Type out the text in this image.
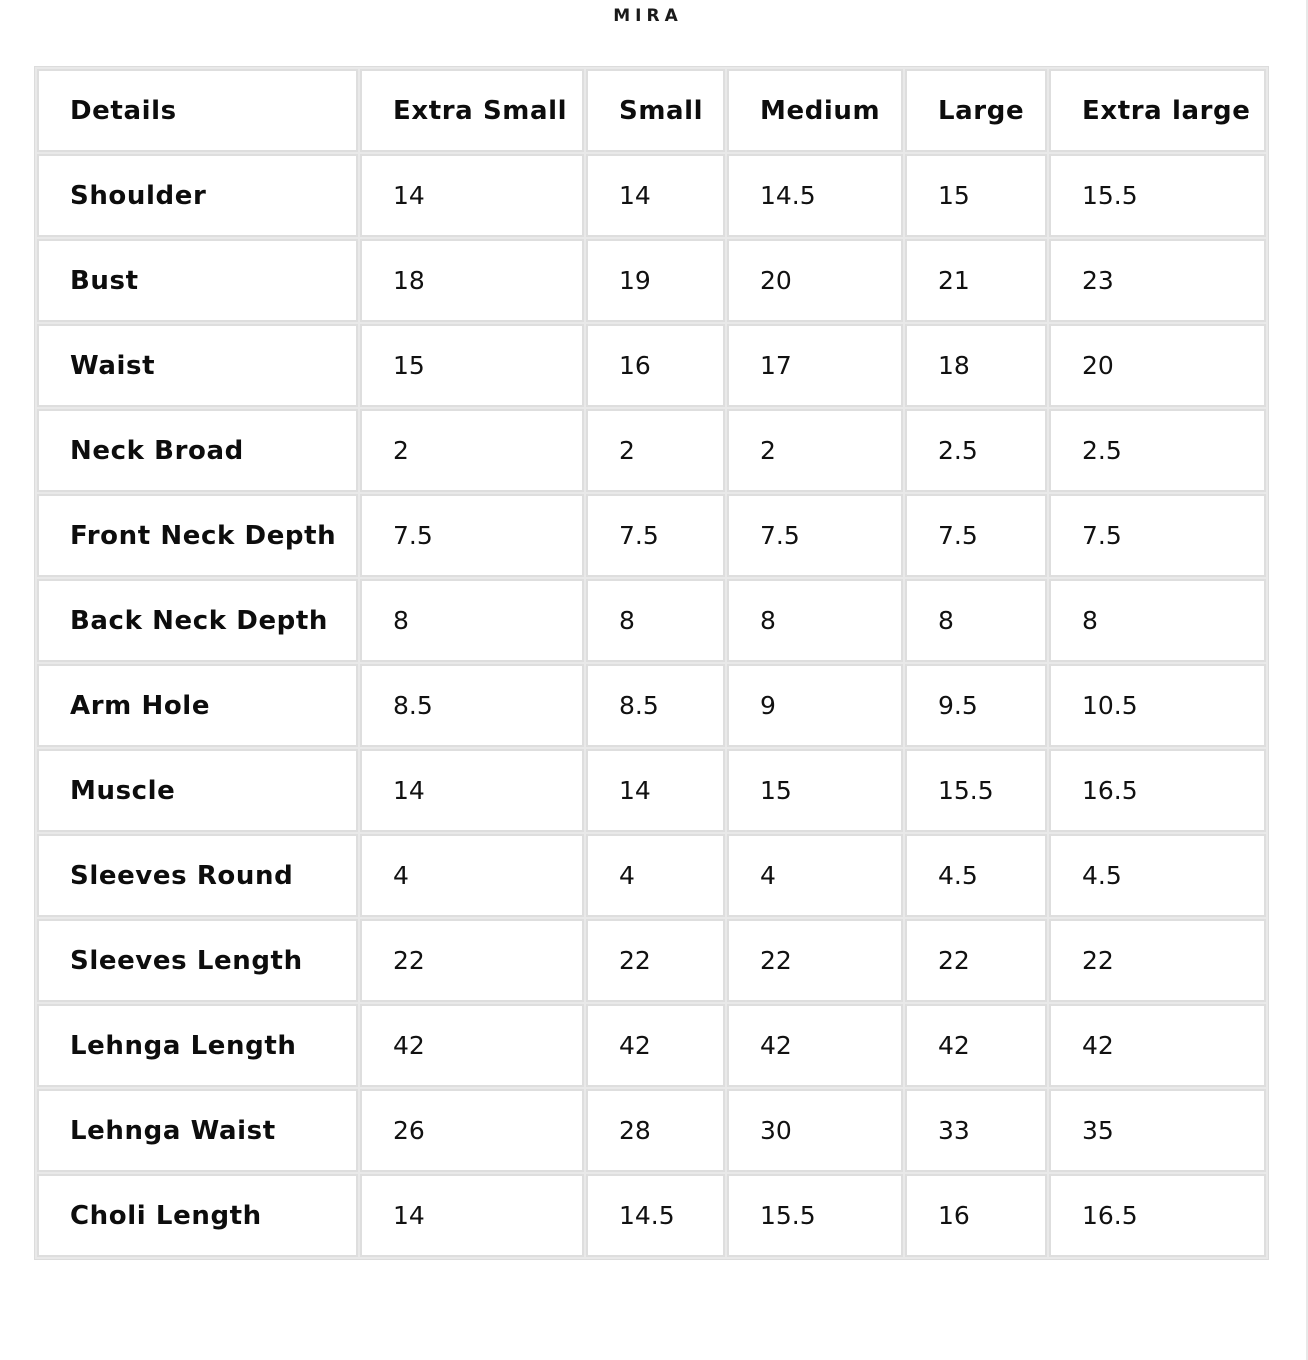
MIRA
Details	Extra Small	Small	Medium	Large	Extra large
Shoulder	14	14	14.5	15	15.5
Bust	18	19	20	21	23
Waist	15	16	17	18	20
Neck Broad	2	2	2	2.5	2.5
Front Neck Depth	7.5	7.5	7.5	7.5	7.5
Back Neck Depth	8	8	8	8	8
Arm Hole	8.5	8.5	9	9.5	10.5
Muscle	14	14	15	15.5	16.5
Sleeves Round	4	4	4	4.5	4.5
Sleeves Length	22	22	22	22	22
Lehnga Length	42	42	42	42	42
Lehnga Waist	26	28	30	33	35
Choli Length	14	14.5	15.5	16	16.5
